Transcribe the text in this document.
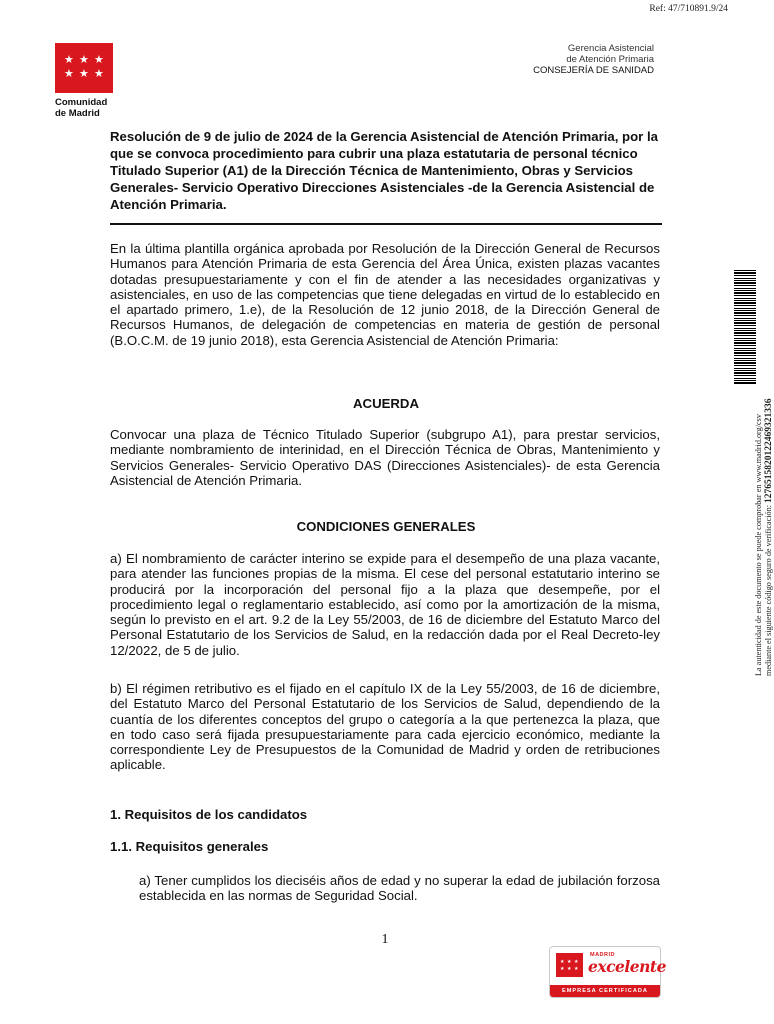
Ref: 47/710891.9/24
★ ★ ★
★ ★ ★
Comunidad
de Madrid
Gerencia Asistencial
de Atención Primaria
CONSEJERÍA DE SANIDAD
Resolución de 9 de julio de 2024 de la Gerencia Asistencial de Atención Primaria, por la que se convoca procedimiento para cubrir una plaza estatutaria de personal técnico Titulado Superior (A1) de la Dirección Técnica de Mantenimiento, Obras y Servicios Generales- Servicio Operativo Direcciones Asistenciales -de la Gerencia Asistencial de Atención Primaria.
En la última plantilla orgánica aprobada por Resolución de la Dirección General de Recursos Humanos para Atención Primaria de esta Gerencia del Área Única, existen plazas vacantes dotadas presupuestariamente y con el fin de atender a las necesidades organizativas y asistenciales, en uso de las competencias que tiene delegadas en virtud de lo establecido en el apartado primero, 1.e), de la Resolución de 12 junio 2018, de la Dirección General de Recursos Humanos, de delegación de competencias en materia de gestión de personal (B.O.C.M. de 19 junio 2018), esta Gerencia Asistencial de Atención Primaria:
ACUERDA
Convocar una plaza de Técnico Titulado Superior (subgrupo A1), para prestar servicios, mediante nombramiento de interinidad, en el Dirección Técnica de Obras, Mantenimiento y Servicios Generales- Servicio Operativo DAS (Direcciones Asistenciales)- de esta Gerencia Asistencial de Atención Primaria.
CONDICIONES GENERALES
a) El nombramiento de carácter interino se expide para el desempeño de una plaza vacante, para atender las funciones propias de la misma. El cese del personal estatutario interino se producirá por la incorporación del personal fijo a la plaza que desempeñe, por el procedimiento legal o reglamentario establecido, así como por la amortización de la misma, según lo previsto en el art. 9.2 de la Ley 55/2003, de 16 de diciembre del Estatuto Marco del Personal Estatutario de los Servicios de Salud, en la redacción dada por el Real Decreto-ley 12/2022, de 5 de julio.
b) El régimen retributivo es el fijado en el capítulo IX de la Ley 55/2003, de 16 de diciembre, del Estatuto Marco del Personal Estatutario de los Servicios de Salud, dependiendo de la cuantía de los diferentes conceptos del grupo o categoría a la que pertenezca la plaza, que en todo caso será fijada presupuestariamente para cada ejercicio económico, mediante la correspondiente Ley de Presupuestos de la Comunidad de Madrid y orden de retribuciones aplicable.
1. Requisitos de los candidatos
1.1. Requisitos generales
a) Tener cumplidos los dieciséis años de edad y no superar la edad de jubilación forzosa establecida en las normas de Seguridad Social.
1
★ ★ ★
★ ★ ★
MADRID
excelente
EMPRESA CERTIFICADA
La autenticidad de este documento se puede comprobar en www.madrid.org/csv mediante el siguiente código seguro de verificación: 1276515820122469321336
